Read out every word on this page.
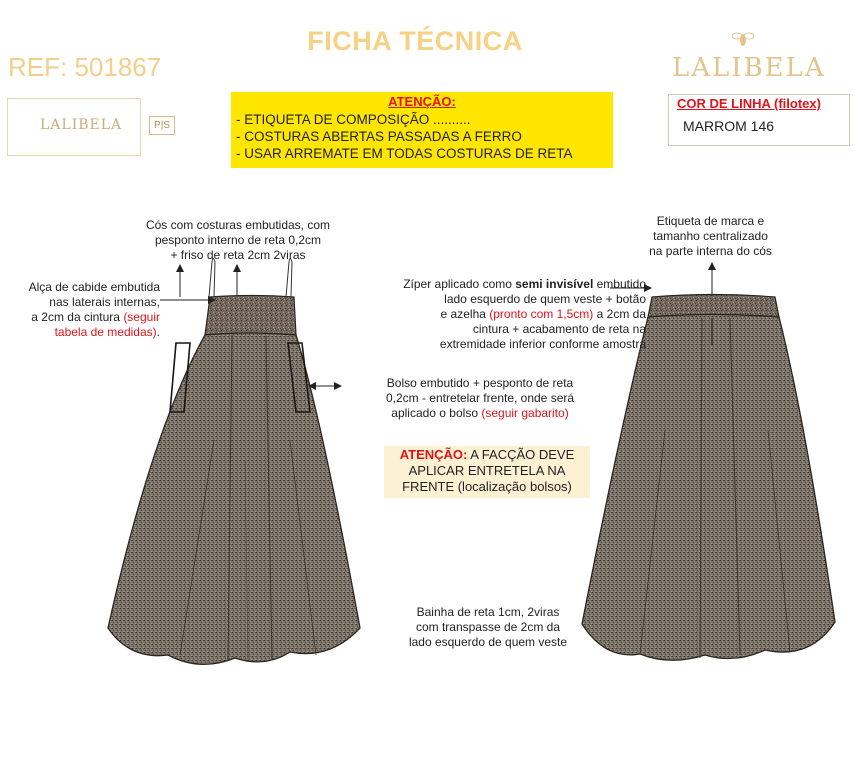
FICHA TÉCNICA
REF: 501867	LALIBELA
LALIBELA	P|S
ATENÇÃO:
- ETIQUETA DE COMPOSIÇÃO ..........
- COSTURAS ABERTAS PASSADAS A FERRO
- USAR ARREMATE EM TODAS COSTURAS DE RETA
COR DE LINHA (filotex)
MARROM 146
Cós com costuras embutidas, com
pesponto interno de reta 0,2cm
+ friso de reta 2cm 2viras
Alça de cabide embutida
nas laterais internas,
a 2cm da cintura (seguir
tabela de medidas).
Etiqueta de marca e
tamanho centralizado
na parte interna do cós
Zíper aplicado como semi invisível embutido
lado esquerdo de quem veste + botão
e azelha (pronto com 1,5cm) a 2cm da
cintura + acabamento de reta na
extremidade inferior conforme amostra
Bolso embutido + pesponto de reta
0,2cm - entretelar frente, onde será
aplicado o bolso (seguir gabarito)
ATENÇÃO: A FACÇÃO DEVE
APLICAR ENTRETELA NA
FRENTE (localização bolsos)
Bainha de reta 1cm, 2viras
com transpasse de 2cm da
lado esquerdo de quem veste
